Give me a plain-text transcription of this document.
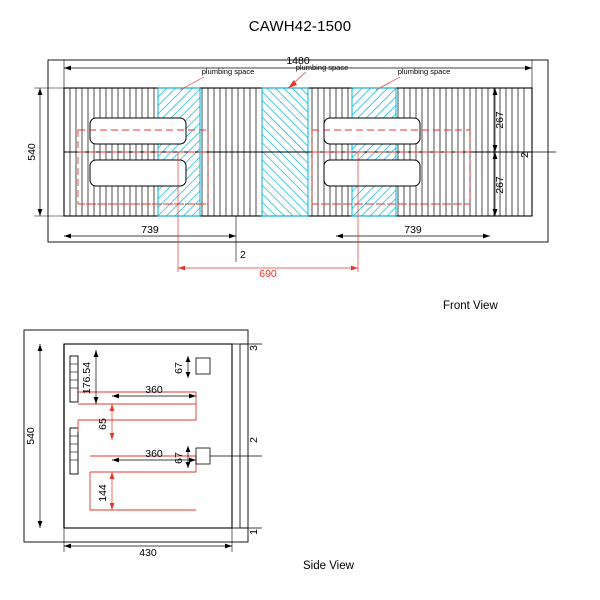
CAWH42-1500
1480
540
267
267
2
739	739
2
690
plumbing space	plumbing space	plumbing space
540
430
176.54	360
65
360
144
67
67
3
2
1
Front View
Side View
